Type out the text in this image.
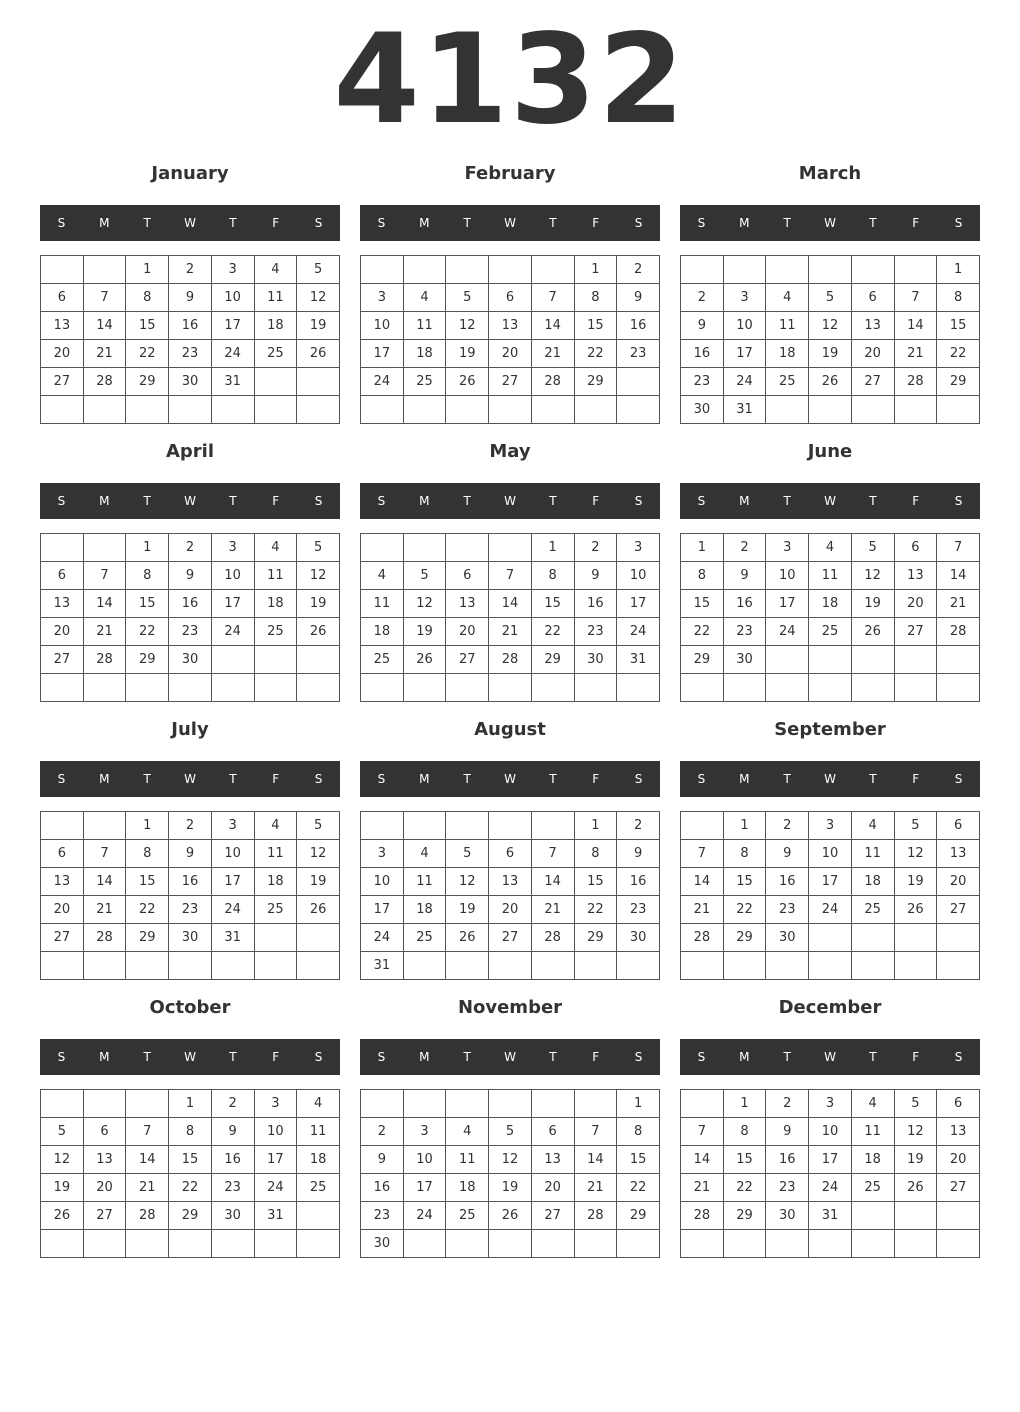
4132
January
S	M	T	W	T	F	S
		1	2	3	4	5
6	7	8	9	10	11	12
13	14	15	16	17	18	19
20	21	22	23	24	25	26
27	28	29	30	31		

February
S	M	T	W	T	F	S
					1	2
3	4	5	6	7	8	9
10	11	12	13	14	15	16
17	18	19	20	21	22	23
24	25	26	27	28	29	

March
S	M	T	W	T	F	S
						1
2	3	4	5	6	7	8
9	10	11	12	13	14	15
16	17	18	19	20	21	22
23	24	25	26	27	28	29
30	31					
April
S	M	T	W	T	F	S
		1	2	3	4	5
6	7	8	9	10	11	12
13	14	15	16	17	18	19
20	21	22	23	24	25	26
27	28	29	30			

May
S	M	T	W	T	F	S
				1	2	3
4	5	6	7	8	9	10
11	12	13	14	15	16	17
18	19	20	21	22	23	24
25	26	27	28	29	30	31

June
S	M	T	W	T	F	S
1	2	3	4	5	6	7
8	9	10	11	12	13	14
15	16	17	18	19	20	21
22	23	24	25	26	27	28
29	30					

July
S	M	T	W	T	F	S
		1	2	3	4	5
6	7	8	9	10	11	12
13	14	15	16	17	18	19
20	21	22	23	24	25	26
27	28	29	30	31		

August
S	M	T	W	T	F	S
					1	2
3	4	5	6	7	8	9
10	11	12	13	14	15	16
17	18	19	20	21	22	23
24	25	26	27	28	29	30
31						
September
S	M	T	W	T	F	S
	1	2	3	4	5	6
7	8	9	10	11	12	13
14	15	16	17	18	19	20
21	22	23	24	25	26	27
28	29	30				

October
S	M	T	W	T	F	S
			1	2	3	4
5	6	7	8	9	10	11
12	13	14	15	16	17	18
19	20	21	22	23	24	25
26	27	28	29	30	31	

November
S	M	T	W	T	F	S
						1
2	3	4	5	6	7	8
9	10	11	12	13	14	15
16	17	18	19	20	21	22
23	24	25	26	27	28	29
30						
December
S	M	T	W	T	F	S
	1	2	3	4	5	6
7	8	9	10	11	12	13
14	15	16	17	18	19	20
21	22	23	24	25	26	27
28	29	30	31			
